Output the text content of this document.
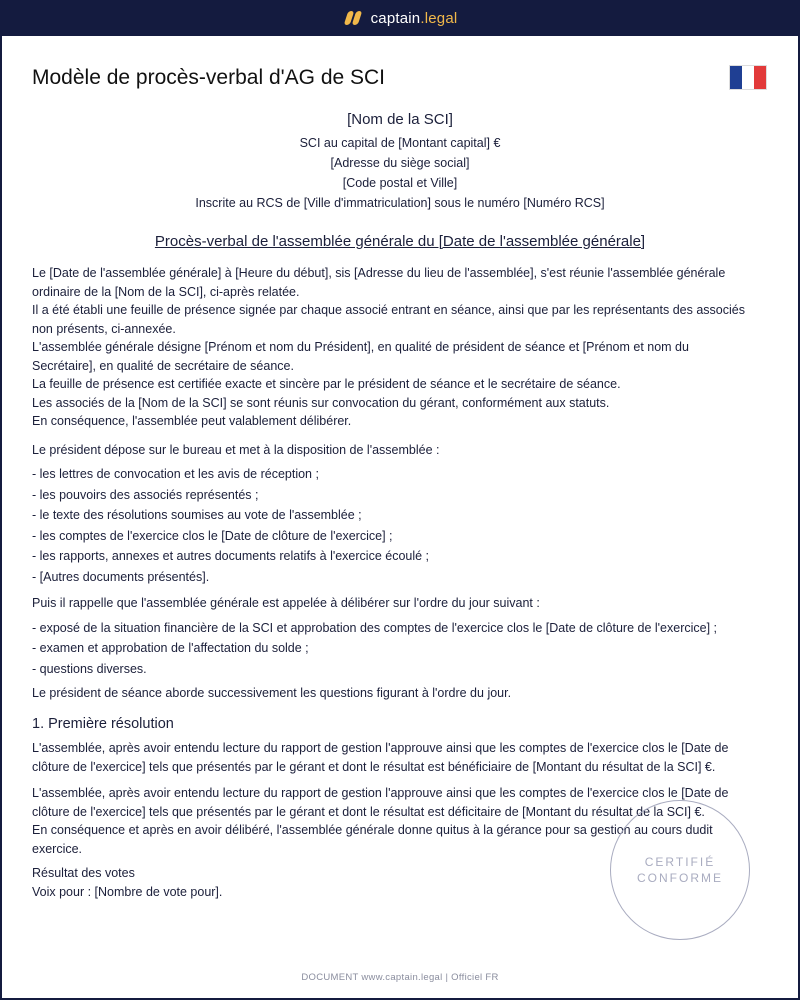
captain.legal
Modèle de procès-verbal d'AG de SCI
[Nom de la SCI]
SCI au capital de [Montant capital] €
[Adresse du siège social]
[Code postal et Ville]
Inscrite au RCS de [Ville d'immatriculation] sous le numéro [Numéro RCS]
Procès-verbal de l'assemblée générale du [Date de l'assemblée générale]

Le [Date de l'assemblée générale] à [Heure du début], sis [Adresse du lieu de l'assemblée], s'est réunie l'assemblée générale ordinaire de la [Nom de la SCI], ci-après relatée.

Il a été établi une feuille de présence signée par chaque associé entrant en séance, ainsi que par les représentants des associés non présents, ci-annexée.

L'assemblée générale désigne [Prénom et nom du Président], en qualité de président de séance et [Prénom et nom du Secrétaire], en qualité de secrétaire de séance.

La feuille de présence est certifiée exacte et sincère par le président de séance et le secrétaire de séance.

Les associés de la [Nom de la SCI] se sont réunis sur convocation du gérant, conformément aux statuts.

En conséquence, l'assemblée peut valablement délibérer.

Le président dépose sur le bureau et met à la disposition de l'assemblée :

- les lettres de convocation et les avis de réception ;

- les pouvoirs des associés représentés ;

- le texte des résolutions soumises au vote de l'assemblée ;

- les comptes de l'exercice clos le [Date de clôture de l'exercice] ;

- les rapports, annexes et autres documents relatifs à l'exercice écoulé ;

- [Autres documents présentés].

Puis il rappelle que l'assemblée générale est appelée à délibérer sur l'ordre du jour suivant :

- exposé de la situation financière de la SCI et approbation des comptes de l'exercice clos le [Date de clôture de l'exercice] ;

- examen et approbation de l'affectation du solde ;

- questions diverses.

Le président de séance aborde successivement les questions figurant à l'ordre du jour.

1. Première résolution

L'assemblée, après avoir entendu lecture du rapport de gestion l'approuve ainsi que les comptes de l'exercice clos le [Date de clôture de l'exercice] tels que présentés par le gérant et dont le résultat est bénéficiaire de [Montant du résultat de la SCI] €.

L'assemblée, après avoir entendu lecture du rapport de gestion l'approuve ainsi que les comptes de l'exercice clos le [Date de clôture de l'exercice] tels que présentés par le gérant et dont le résultat est déficitaire de [Montant du résultat de la SCI] €.

En conséquence et après en avoir délibéré, l'assemblée générale donne quitus à la gérance pour sa gestion au cours dudit exercice.

Résultat des votes

Voix pour : [Nombre de vote pour].

CERTIFIÉ
CONFORME
DOCUMENT www.captain.legal | Officiel FR
